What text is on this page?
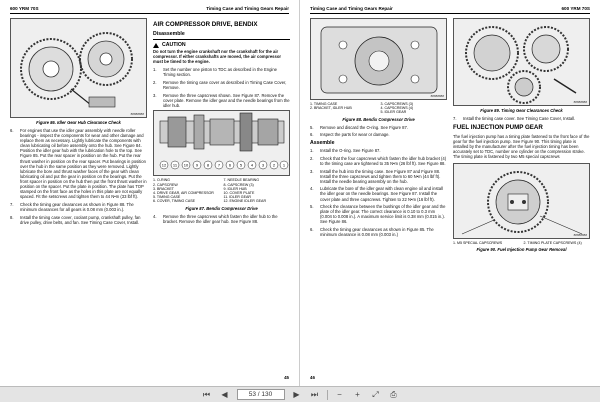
600 YRM 70S	Timing Case and Timing Gears Repair
88888888
Figure 86. Idler Gear Hub Clearance Check
6.	For engines that use the idler gear assembly with needle roller bearings - inspect the components for wear and other damage and replace them as necessary. Lightly lubricate the components with clean lubricating oil before assembly onto the hub. See Figure 84. Position the idler gear hub with the lubrication hole to the top. See Figure 85. Put the rear spacer in position on the hub. Put the rear thrust washer in position on the rear spacer. Put bearings in position over the hub in the same position as they were removed. Lightly lubricate the bore and thrust washer faces of the gear with clean lubricating oil and put the gear in position on the bearings. Put the front spacer in position on the hub then put the front thrust washer in position on the spacer. Put the plate in position. The plate has TOP stamped on the front face as the holes in this plate are not equally spaced. Fit the setscrews and tighten them to 44 N•m (33 lbf ft).
7.	Check the timing gear clearances as shown in Figure 88. The minimum clearances for all gears is 0.08 mm (0.003 in.).
8.	Install the timing case cover, coolant pump, crankshaft pulley, fan drive pulley, drive belts, and fan. See Timing Case Cover, Install.
AIR COMPRESSOR DRIVE, BENDIX
Disassemble
CAUTION

Do not turn the engine crankshaft nor the crankshaft for the air compressor. If either crankshafts are moved, the air compressor must be timed to the engine.

1.	Set the number one piston to TDC as described in the Engine Timing section.
2.	Remove the timing case cover as described in Timing Case Cover, Remove.
3.	Remove the three capscrews shown. See Figure 87. Remove the cover plate. Remove the idler gear and the needle bearings from the idler hub.
12 11 10 9 8 7 6 5 4 3 2 1
1. O-RING	7. NEEDLE BEARING
2. CAPSCREW	8. CAPSCREW (3)
3. BRACKET	9. IDLER HUB
4. DRIVE GEAR, AIR COMPRESSOR	10. COVER PLATE
5. TIMING CASE	11. IDLER GEAR
6. COVER, TIMING CASE	12. ENGINE IDLER GEAR
Figure 87. Bendix Compressor Drive
4.	Remove the three capscrews which fasten the idler hub to the bracket. Remove the idler gear hub. See Figure 88.
45
Timing Case and Timing Gears Repair	600 YRM 70S
88888888
1. TIMING CASE	3. CAPSCREWS (3)
2. BRACKET, IDLER HUB	4. CAPSCREWS (4)
5. IDLER GEAR
Figure 88. Bendix Compressor Drive
5.	Remove and discard the O-ring. See Figure 87.
6.	Inspect the parts for wear or damage.
Assemble
1.	Install the O-ring. See Figure 87.
2.	Check that the four capscrews which fasten the idler hub bracket (4) to the timing case are tightened to 35 N•m (26 lbf ft). See Figure 88.
3.	Install the hub into the timing case. See Figure 87 and Figure 88. Install the three capscrews and tighten them to 60 N•m (44 lbf ft). Install the needle bearing assembly on the hub.
4.	Lubricate the bore of the idler gear with clean engine oil and install the idler gear on the needle bearings. See Figure 87. Install the cover plate and three capscrews. Tighten to 22 N•m (16 lbf ft).
5.	Check the clearance between the bushings of the idler gear and the plate of the idler gear. The correct clearance is 0.10 to 0.3 mm (0.004 to 0.008 in.). A maximum service limit is 0.38 mm (0.015 in.). See Figure 86.
6.	Check the timing gear clearances as shown in Figure 85. The minimum clearance is 0.08 mm (0.003 in.)
88888888
Figure 89. Timing Gear Clearances Check
7.	Install the timing case cover. See Timing Case Cover, Install.
FUEL INJECTION PUMP GEAR

The fuel injection pump has a timing plate fastened to the front face of the gear for the fuel injection pump. See Figure 90. This timing plate is installed by the manufacturer after the fuel injection timing has been accurately set to TDC, number one cylinder on the compression stroke. The timing plate is fastened by two M5 special capscrews

88888888
1. M5 SPECIAL CAPSCREWS	2. TIMING PLATE CAPSCREWS (4)
Figure 90. Fuel Injection Pump Gear Removal
46
⏮	◀	53 / 130	▶	⏭	−	+	⤢	⎙
